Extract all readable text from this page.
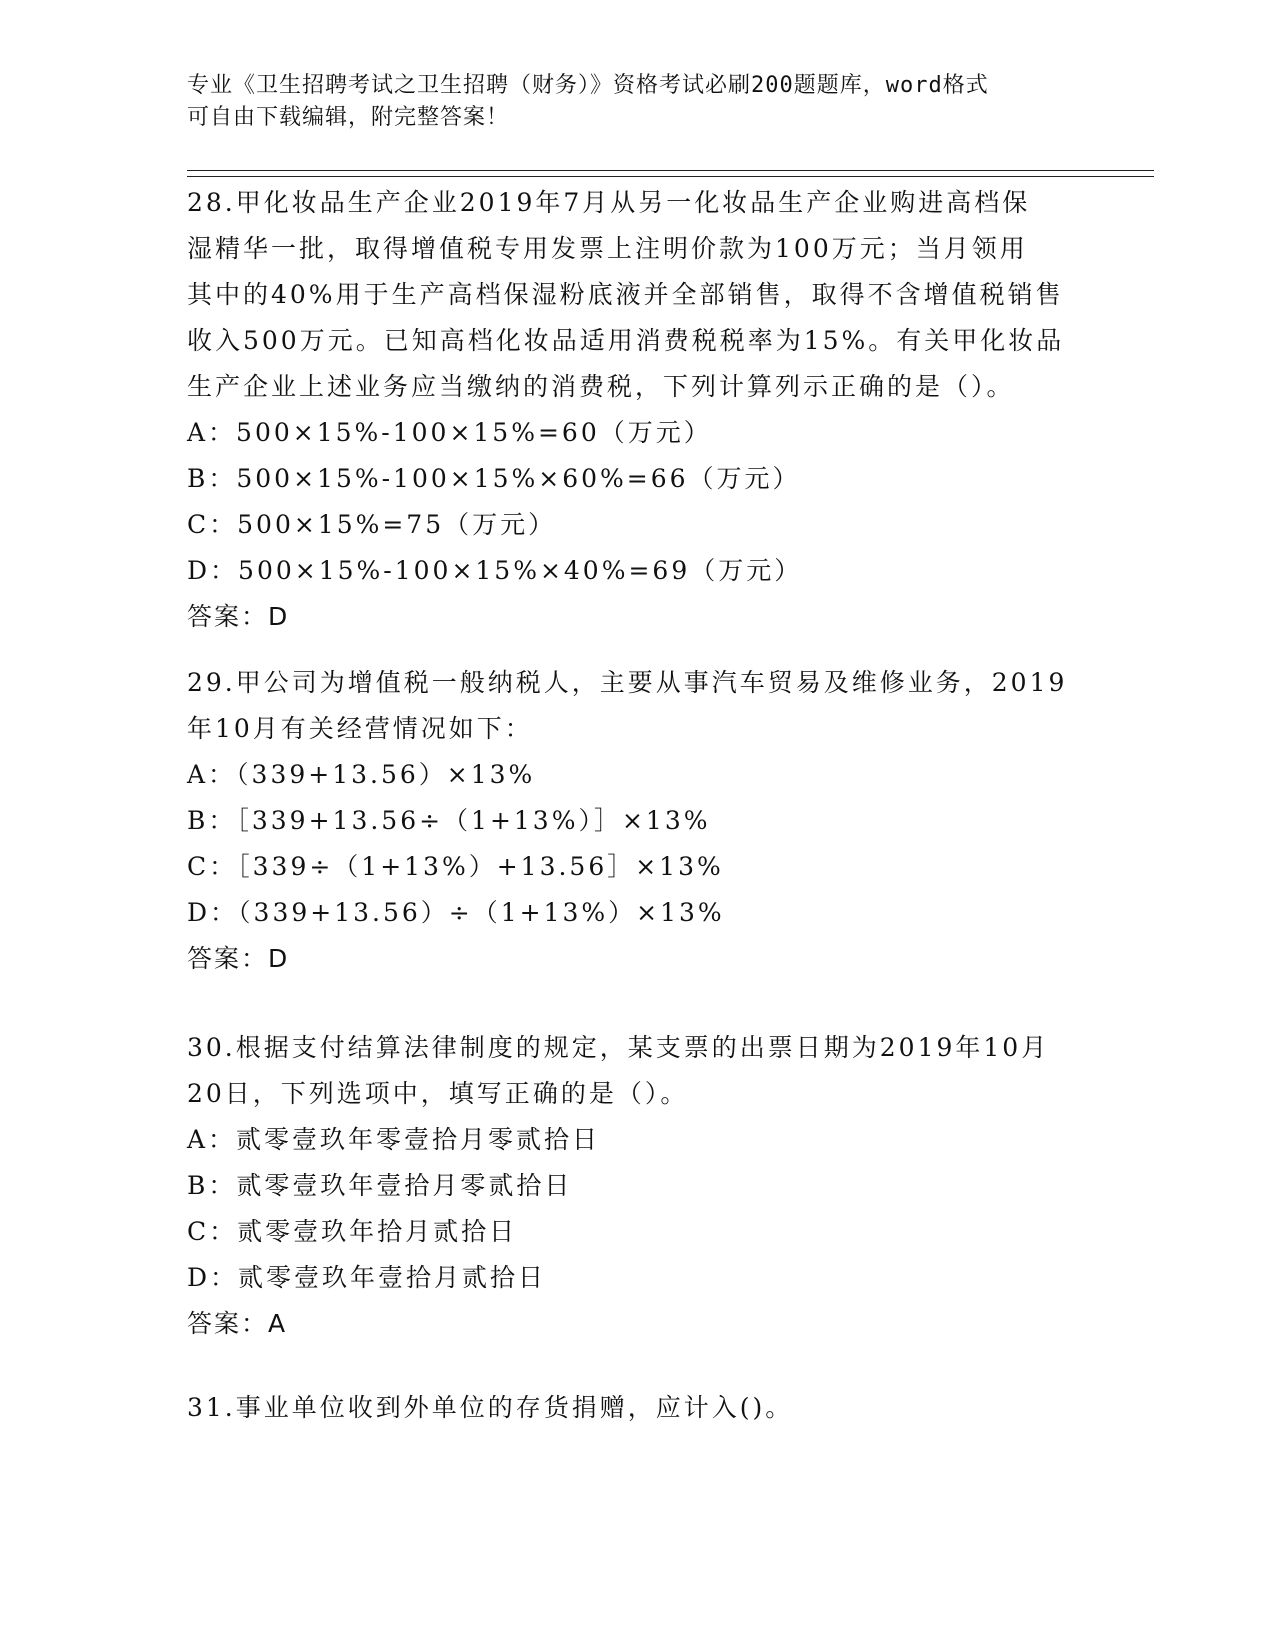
专业《卫生招聘考试之卫生招聘（财务）》资格考试必刷200题题库，word格式
可自由下载编辑，附完整答案！
28.甲化妆品生产企业2019年7月从另一化妆品生产企业购进高档保
湿精华一批，取得增值税专用发票上注明价款为100万元；当月领用
其中的40%用于生产高档保湿粉底液并全部销售，取得不含增值税销售
收入500万元。已知高档化妆品适用消费税税率为15%。有关甲化妆品
生产企业上述业务应当缴纳的消费税，下列计算列示正确的是（）。
A：500×15%-100×15%=60（万元）
B：500×15%-100×15%×60%=66（万元）
C：500×15%=75（万元）
D：500×15%-100×15%×40%=69（万元）
答案：D
29.甲公司为增值税一般纳税人，主要从事汽车贸易及维修业务，2019
年10月有关经营情况如下：
A：（339+13.56）×13%
B：［339+13.56÷（1+13%）］×13%
C：［339÷（1+13%）+13.56］×13%
D：（339+13.56）÷（1+13%）×13%
答案：D
30.根据支付结算法律制度的规定，某支票的出票日期为2019年10月
20日，下列选项中，填写正确的是（）。
A：贰零壹玖年零壹拾月零贰拾日
B：贰零壹玖年壹拾月零贰拾日
C：贰零壹玖年拾月贰拾日
D：贰零壹玖年壹拾月贰拾日
答案：A
31.事业单位收到外单位的存货捐赠，应计入()。
